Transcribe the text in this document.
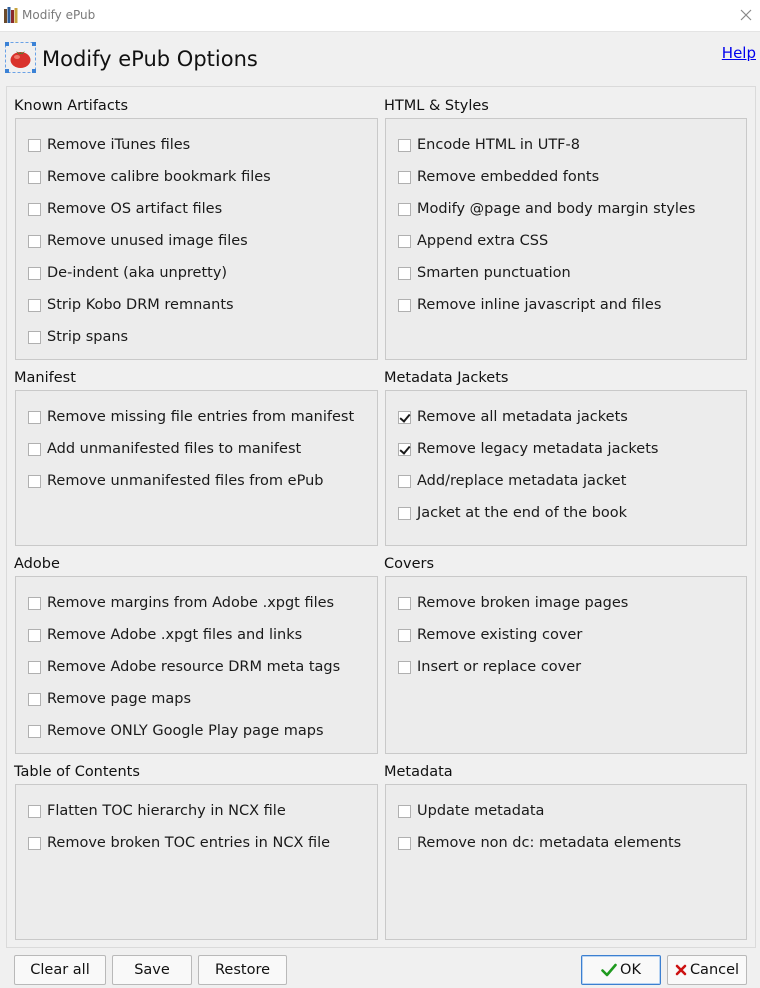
Modify ePub
Modify ePub Options	Help
Known Artifacts
Remove iTunes files
Remove calibre bookmark files
Remove OS artifact files
Remove unused image files
De-indent (aka unpretty)
Strip Kobo DRM remnants
Strip spans
HTML & Styles
Encode HTML in UTF-8
Remove embedded fonts
Modify @page and body margin styles
Append extra CSS
Smarten punctuation
Remove inline javascript and files
Manifest
Remove missing file entries from manifest
Add unmanifested files to manifest
Remove unmanifested files from ePub
Metadata Jackets
Remove all metadata jackets
Remove legacy metadata jackets
Add/replace metadata jacket
Jacket at the end of the book
Adobe
Remove margins from Adobe .xpgt files
Remove Adobe .xpgt files and links
Remove Adobe resource DRM meta tags
Remove page maps
Remove ONLY Google Play page maps
Covers
Remove broken image pages
Remove existing cover
Insert or replace cover
Table of Contents
Flatten TOC hierarchy in NCX file
Remove broken TOC entries in NCX file
Metadata
Update metadata
Remove non dc: metadata elements
Clear all	Save	Restore	OK	Cancel
